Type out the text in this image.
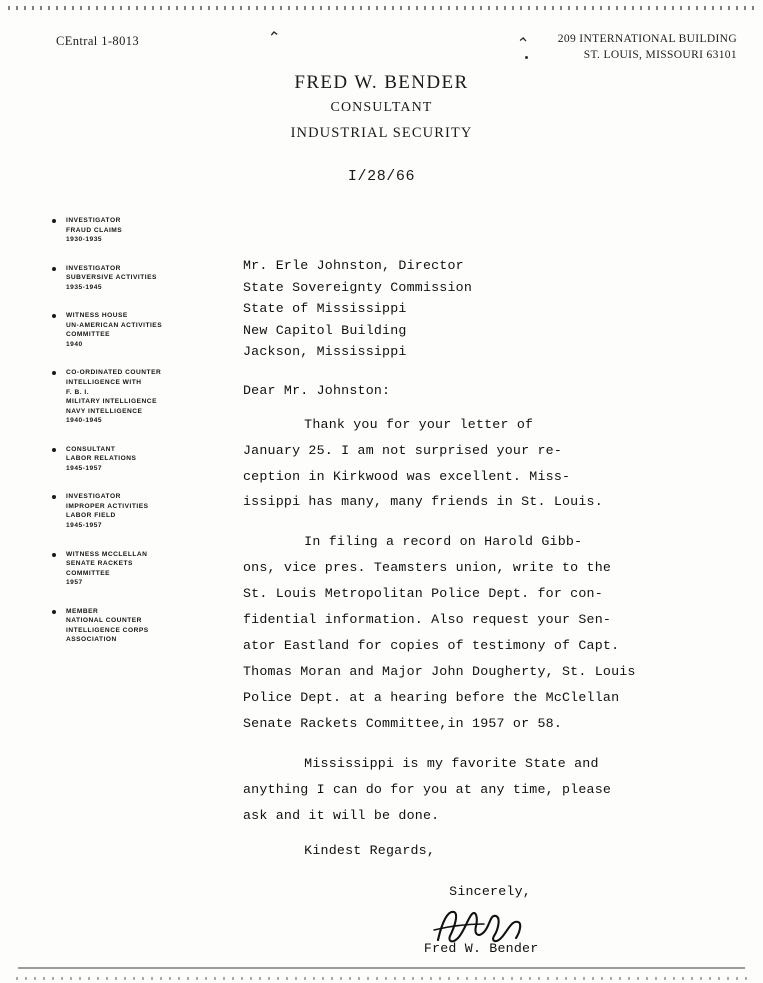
CEntral 1-8013	209 INTERNATIONAL BUILDING
ST. LOUIS, MISSOURI 63101
⌃	⌃
FRED W. BENDER
CONSULTANT
INDUSTRIAL SECURITY
I/28/66
INVESTIGATOR
FRAUD CLAIMS
1930-1935
INVESTIGATOR
SUBVERSIVE ACTIVITIES
1935-1945
WITNESS HOUSE
UN-AMERICAN ACTIVITIES
COMMITTEE
1940
CO-ORDINATED COUNTER
INTELLIGENCE WITH
F. B. I.
MILITARY INTELLIGENCE
NAVY INTELLIGENCE
1940-1945
CONSULTANT
LABOR RELATIONS
1945-1957
INVESTIGATOR
IMPROPER ACTIVITIES
LABOR FIELD
1945-1957
WITNESS MCCLELLAN
SENATE RACKETS
COMMITTEE
1957
MEMBER
NATIONAL COUNTER
INTELLIGENCE CORPS
ASSOCIATION
Mr. Erle Johnston, Director
State Sovereignty Commission
State of Mississippi
New Capitol Building
Jackson, Mississippi
Dear Mr. Johnston:
Thank you for your letter of
January 25. I am not surprised your re-
ception in Kirkwood was excellent. Miss-
issippi has many, many friends in St. Louis.
In filing a record on Harold Gibb-
ons, vice pres. Teamsters union, write to the
St. Louis Metropolitan Police Dept. for con-
fidential information. Also request your Sen-
ator Eastland for copies of testimony of Capt.
Thomas Moran and Major John Dougherty, St. Louis
Police Dept. at a hearing before the McClellan
Senate Rackets Committee,in 1957 or 58.
Mississippi is my favorite State and
anything I can do for you at any time, please
ask and it will be done.
Kindest Regards,
Sincerely,
Fred W. Bender
